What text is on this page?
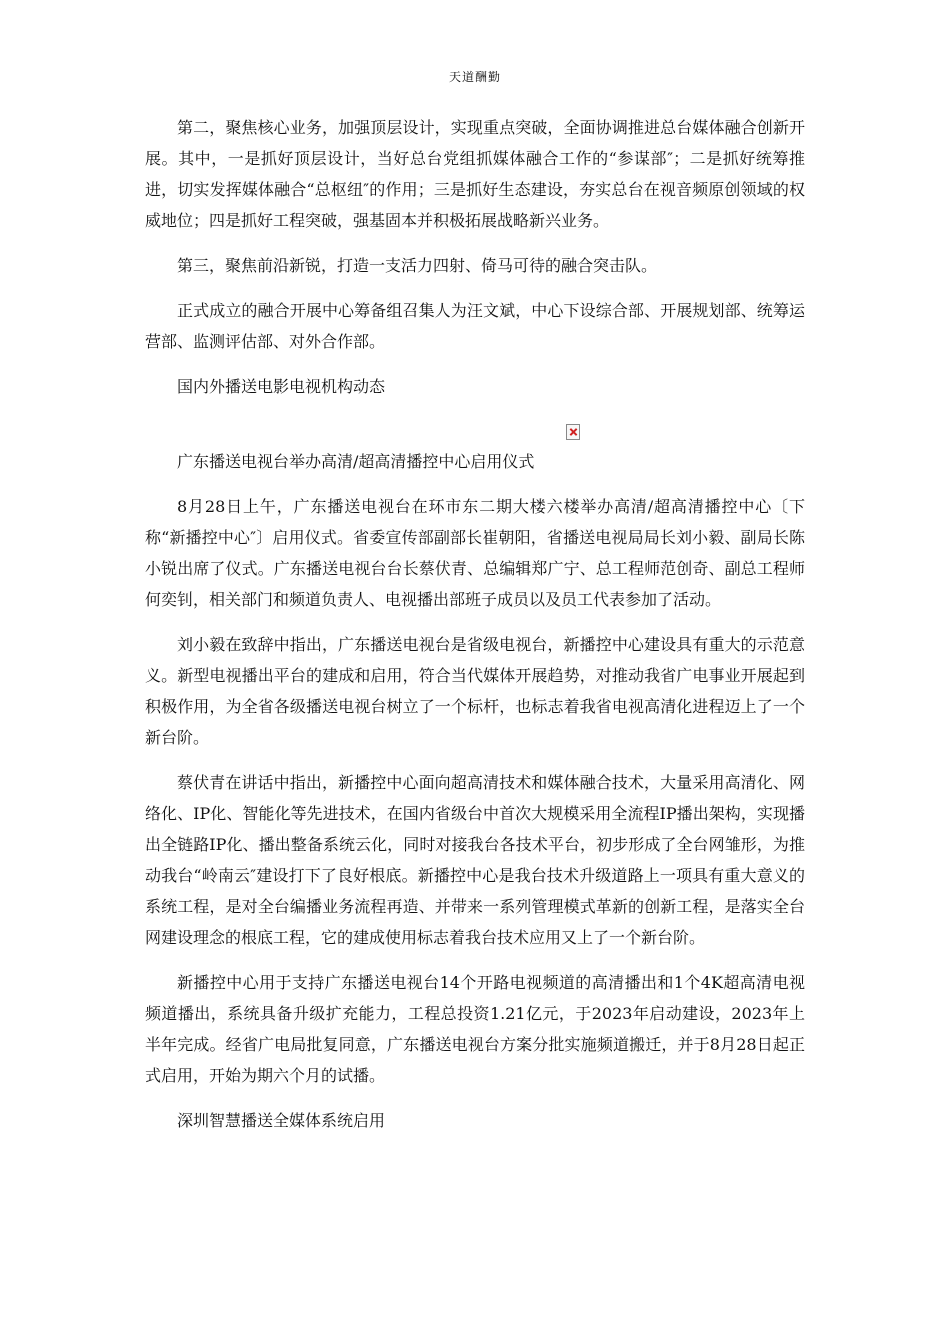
天道酬勤

第二，聚焦核心业务，加强顶层设计，实现重点突破，全面协调推进总台媒体融合创新开展。其中，一是抓好顶层设计，当好总台党组抓媒体融合工作的“参谋部″；二是抓好统筹推进，切实发挥媒体融合“总枢纽″的作用；三是抓好生态建设，夯实总台在视音频原创领域的权威地位；四是抓好工程突破，强基固本并积极拓展战略新兴业务。

第三，聚焦前沿新锐，打造一支活力四射、倚马可待的融合突击队。

正式成立的融合开展中心筹备组召集人为汪文斌，中心下设综合部、开展规划部、统筹运营部、监测评估部、对外合作部。

国内外播送电影电视机构动态

广东播送电视台举办高清/超高清播控中心启用仪式

8月28日上午，广东播送电视台在环市东二期大楼六楼举办高清/超高清播控中心〔下称“新播控中心″〕启用仪式。省委宣传部副部长崔朝阳，省播送电视局局长刘小毅、副局长陈小锐出席了仪式。广东播送电视台台长蔡伏青、总编辑郑广宁、总工程师范创奇、副总工程师何奕钊，相关部门和频道负责人、电视播出部班子成员以及员工代表参加了活动。

刘小毅在致辞中指出，广东播送电视台是省级电视台，新播控中心建设具有重大的示范意义。新型电视播出平台的建成和启用，符合当代媒体开展趋势，对推动我省广电事业开展起到积极作用，为全省各级播送电视台树立了一个标杆，也标志着我省电视高清化进程迈上了一个新台阶。

蔡伏青在讲话中指出，新播控中心面向超高清技术和媒体融合技术，大量采用高清化、网络化、IP化、智能化等先进技术，在国内省级台中首次大规模采用全流程IP播出架构，实现播出全链路IP化、播出整备系统云化，同时对接我台各技术平台，初步形成了全台网雏形，为推动我台“岭南云″建设打下了良好根底。新播控中心是我台技术升级道路上一项具有重大意义的系统工程，是对全台编播业务流程再造、并带来一系列管理模式革新的创新工程，是落实全台网建设理念的根底工程，它的建成使用标志着我台技术应用又上了一个新台阶。

新播控中心用于支持广东播送电视台14个开路电视频道的高清播出和1个4K超高清电视频道播出，系统具备升级扩充能力，工程总投资1.21亿元，于2023年启动建设，2023年上半年完成。经省广电局批复同意，广东播送电视台方案分批实施频道搬迁，并于8月28日起正式启用，开始为期六个月的试播。

深圳智慧播送全媒体系统启用
